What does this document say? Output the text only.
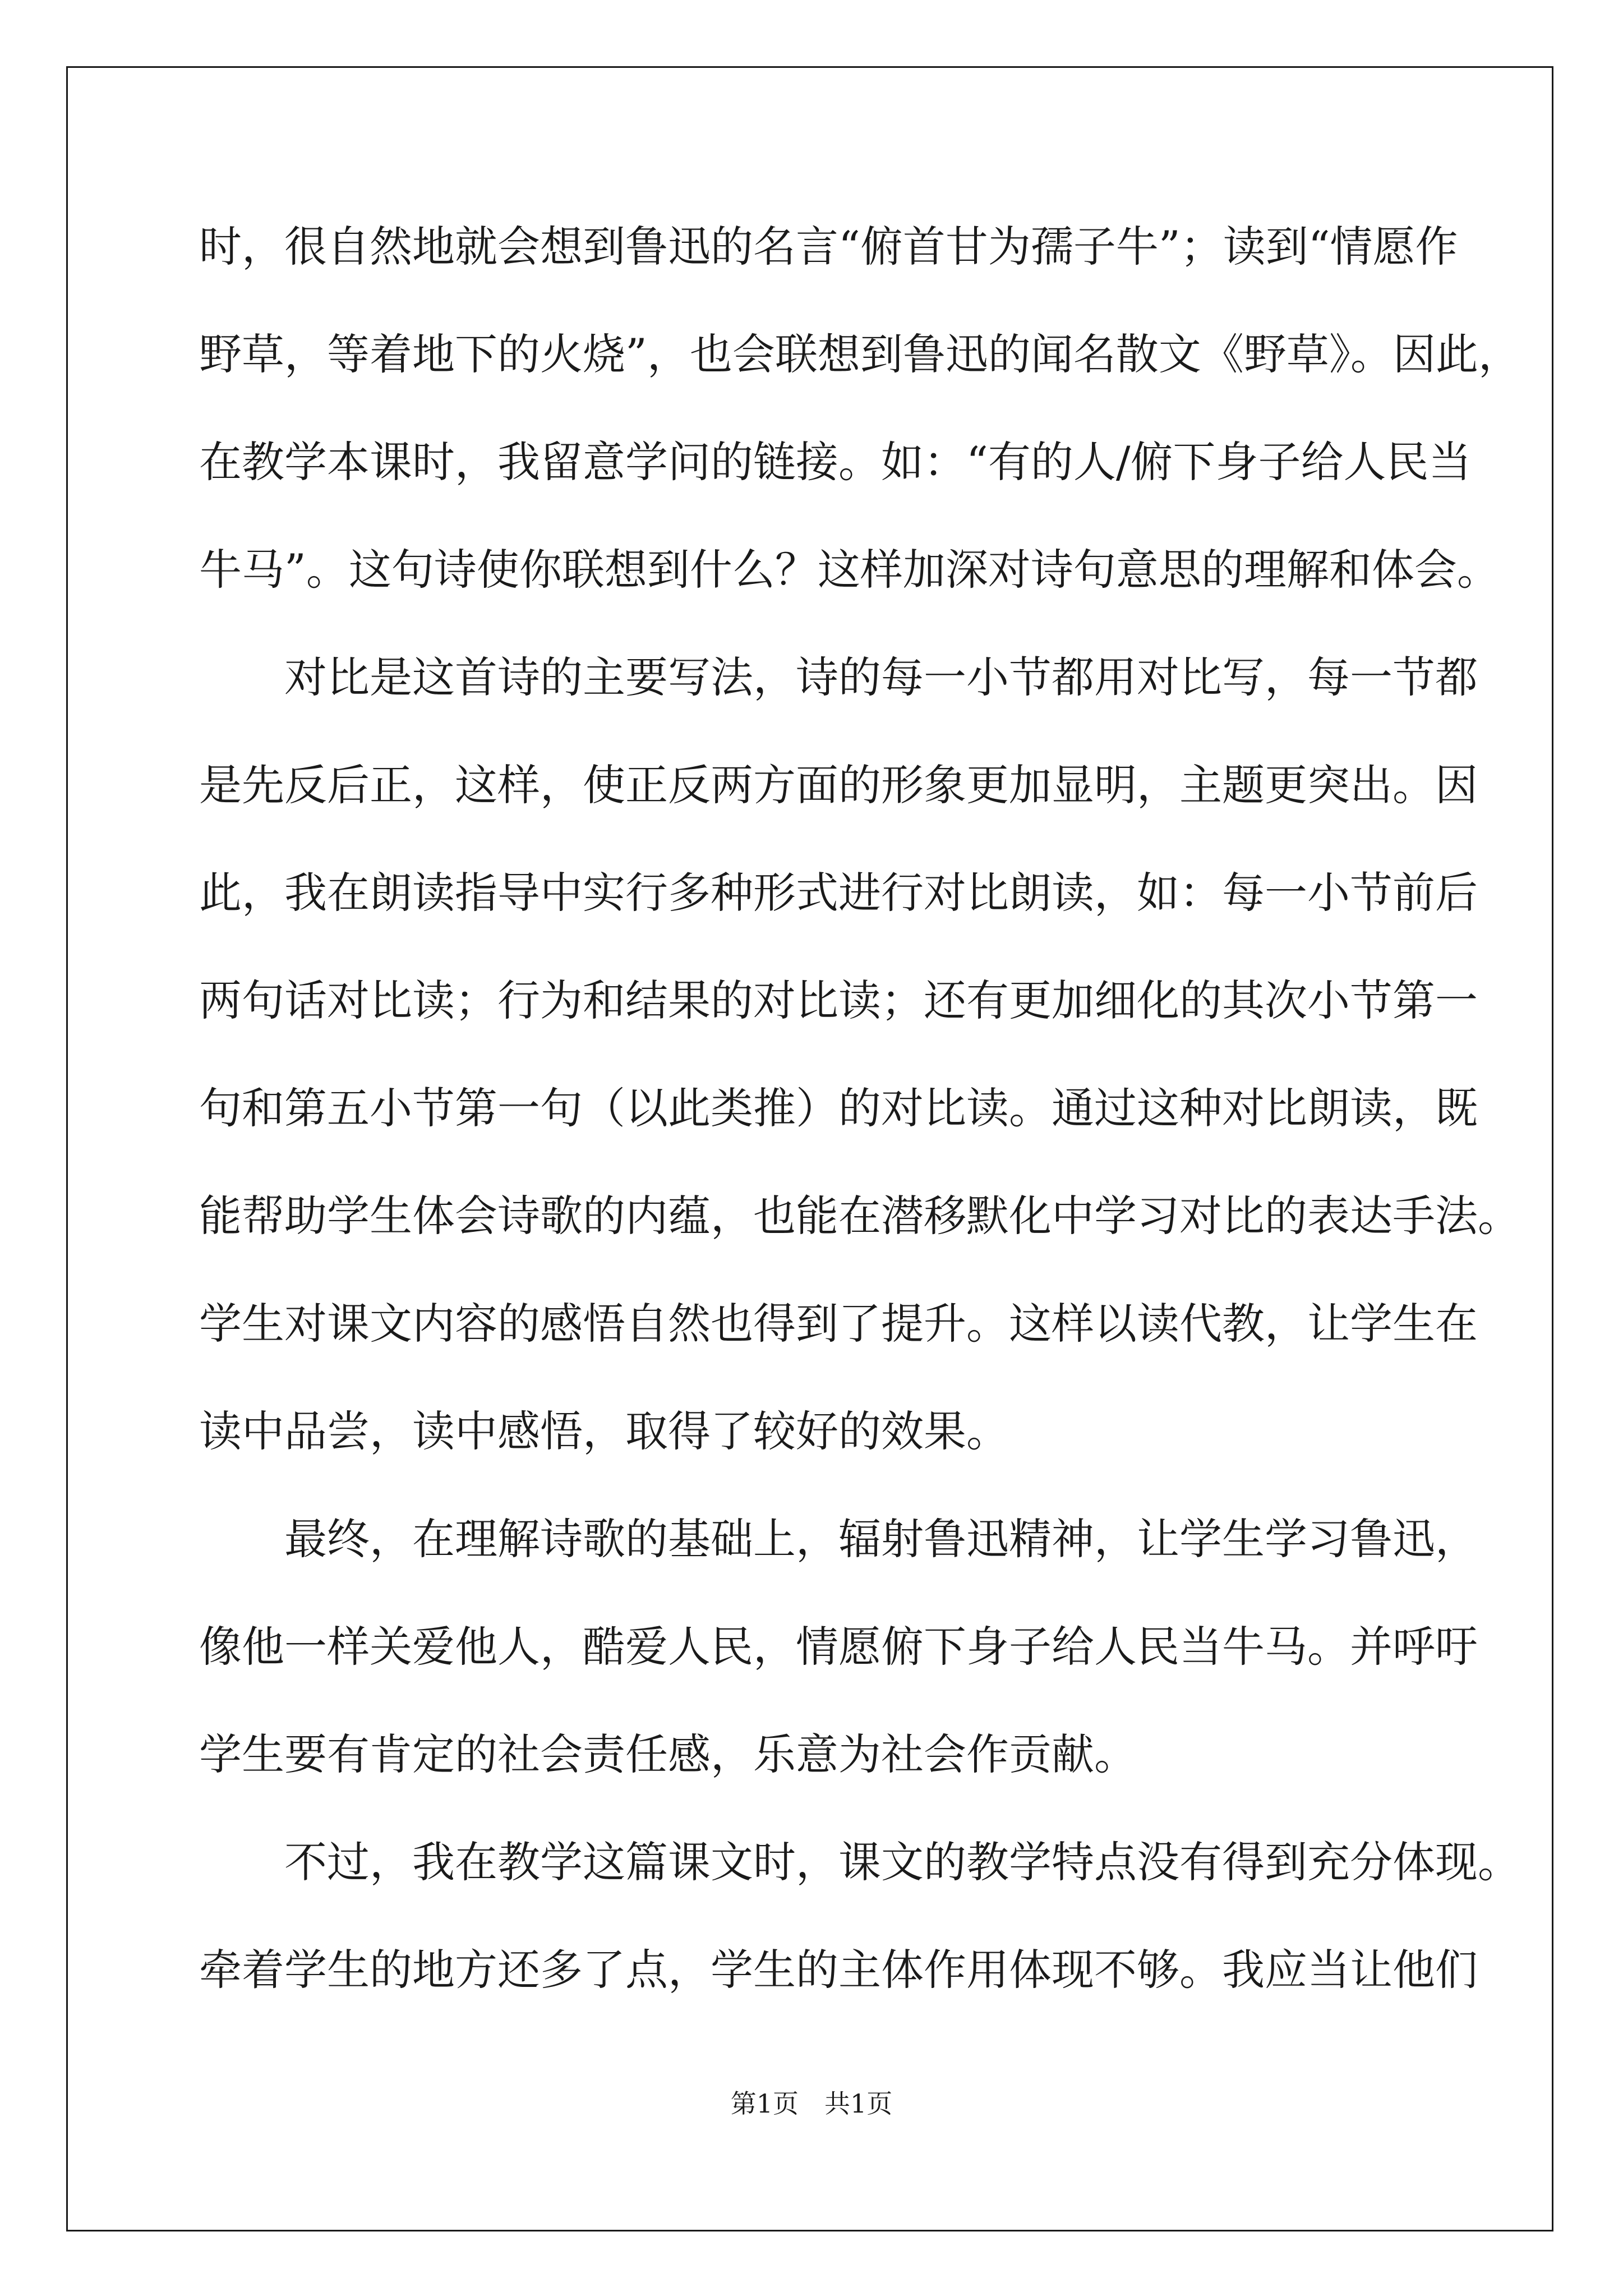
时，很自然地就会想到鲁迅的名言“俯首甘为孺子牛”；读到“情愿作
野草，等着地下的火烧”，也会联想到鲁迅的闻名散文《野草》。因此，
在教学本课时，我留意学问的链接。如：“有的人/俯下身子给人民当
牛马”。这句诗使你联想到什么？这样加深对诗句意思的理解和体会。
对比是这首诗的主要写法，诗的每一小节都用对比写，每一节都
是先反后正，这样，使正反两方面的形象更加显明，主题更突出。因
此，我在朗读指导中实行多种形式进行对比朗读，如：每一小节前后
两句话对比读；行为和结果的对比读；还有更加细化的其次小节第一
句和第五小节第一句（以此类推）的对比读。通过这种对比朗读，既
能帮助学生体会诗歌的内蕴，也能在潜移默化中学习对比的表达手法。
学生对课文内容的感悟自然也得到了提升。这样以读代教，让学生在
读中品尝，读中感悟，取得了较好的效果。
最终，在理解诗歌的基础上，辐射鲁迅精神，让学生学习鲁迅，
像他一样关爱他人，酷爱人民，情愿俯下身子给人民当牛马。并呼吁
学生要有肯定的社会责任感，乐意为社会作贡献。
不过，我在教学这篇课文时，课文的教学特点没有得到充分体现。
牵着学生的地方还多了点，学生的主体作用体现不够。我应当让他们
第1页　共1页
